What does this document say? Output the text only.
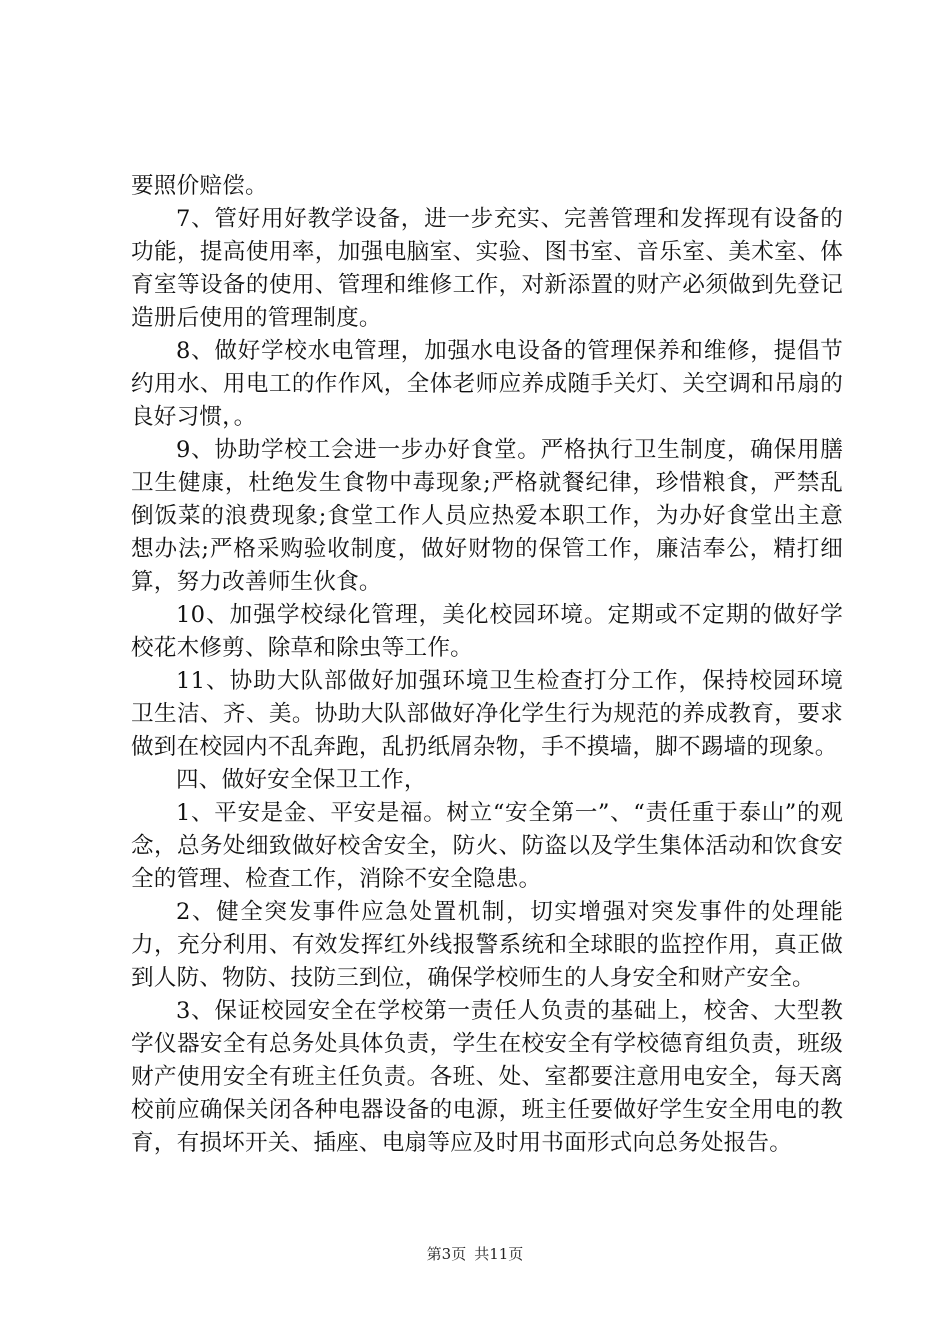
要照价赔偿。

7、管好用好教学设备，进一步充实、完善管理和发挥现有设备的功能，提高使用率，加强电脑室、实验、图书室、音乐室、美术室、体育室等设备的使用、管理和维修工作，对新添置的财产必须做到先登记造册后使用的管理制度。

8、做好学校水电管理，加强水电设备的管理保养和维修，提倡节约用水、用电工的作作风，全体老师应养成随手关灯、关空调和吊扇的良好习惯，。

9、协助学校工会进一步办好食堂。严格执行卫生制度，确保用膳卫生健康，杜绝发生食物中毒现象;严格就餐纪律，珍惜粮食，严禁乱倒饭菜的浪费现象;食堂工作人员应热爱本职工作，为办好食堂出主意想办法;严格采购验收制度，做好财物的保管工作，廉洁奉公，精打细算，努力改善师生伙食。

10、加强学校绿化管理，美化校园环境。定期或不定期的做好学校花木修剪、除草和除虫等工作。

11、协助大队部做好加强环境卫生检查打分工作，保持校园环境卫生洁、齐、美。协助大队部做好净化学生行为规范的养成教育，要求做到在校园内不乱奔跑，乱扔纸屑杂物，手不摸墙，脚不踢墙的现象。

四、做好安全保卫工作，

1、平安是金、平安是福。树立“安全第一”、“责任重于泰山”的观念，总务处细致做好校舍安全，防火、防盗以及学生集体活动和饮食安全的管理、检查工作，消除不安全隐患。

2、健全突发事件应急处置机制，切实增强对突发事件的处理能力，充分利用、有效发挥红外线报警系统和全球眼的监控作用，真正做到人防、物防、技防三到位，确保学校师生的人身安全和财产安全。

3、保证校园安全在学校第一责任人负责的基础上，校舍、大型教学仪器安全有总务处具体负责，学生在校安全有学校德育组负责，班级财产使用安全有班主任负责。各班、处、室都要注意用电安全，每天离校前应确保关闭各种电器设备的电源，班主任要做好学生安全用电的教育，有损坏开关、插座、电扇等应及时用书面形式向总务处报告。

第3页 共11页
